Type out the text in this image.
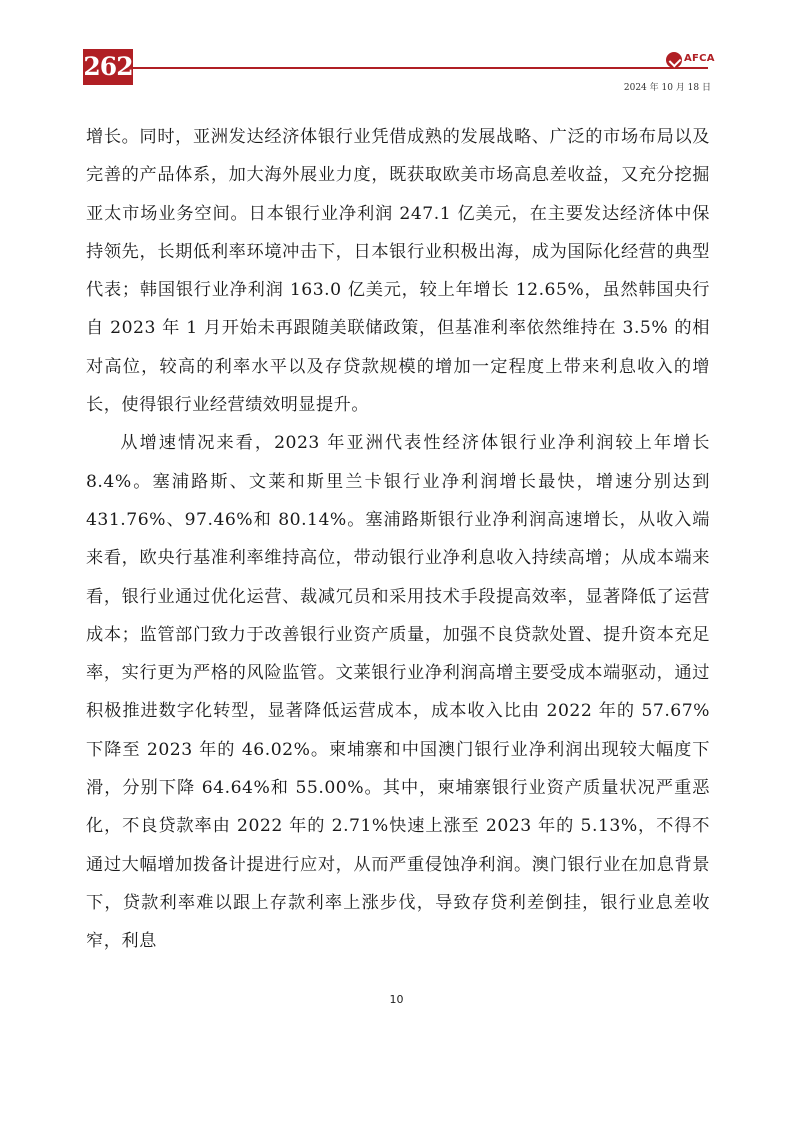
262	AFCA
2024 年 10 月 18 日

增长。同时，亚洲发达经济体银行业凭借成熟的发展战略、广泛的市场布局以及完善的产品体系，加大海外展业力度，既获取欧美市场高息差收益，又充分挖掘亚太市场业务空间。日本银行业净利润 247.1 亿美元，在主要发达经济体中保持领先，长期低利率环境冲击下，日本银行业积极出海，成为国际化经营的典型代表；韩国银行业净利润 163.0 亿美元，较上年增长 12.65%，虽然韩国央行自 2023 年 1 月开始未再跟随美联储政策，但基准利率依然维持在 3.5% 的相对高位，较高的利率水平以及存贷款规模的增加一定程度上带来利息收入的增长，使得银行业经营绩效明显提升。

从增速情况来看，2023 年亚洲代表性经济体银行业净利润较上年增长 8.4%。塞浦路斯、文莱和斯里兰卡银行业净利润增长最快，增速分别达到 431.76%、97.46%和 80.14%。塞浦路斯银行业净利润高速增长，从收入端来看，欧央行基准利率维持高位，带动银行业净利息收入持续高增；从成本端来看，银行业通过优化运营、裁减冗员和采用技术手段提高效率，显著降低了运营成本；监管部门致力于改善银行业资产质量，加强不良贷款处置、提升资本充足率，实行更为严格的风险监管。文莱银行业净利润高增主要受成本端驱动，通过积极推进数字化转型，显著降低运营成本，成本收入比由 2022 年的 57.67% 下降至 2023 年的 46.02%。柬埔寨和中国澳门银行业净利润出现较大幅度下滑，分别下降 64.64%和 55.00%。其中，柬埔寨银行业资产质量状况严重恶化，不良贷款率由 2022 年的 2.71%快速上涨至 2023 年的 5.13%，不得不通过大幅增加拨备计提进行应对，从而严重侵蚀净利润。澳门银行业在加息背景下，贷款利率难以跟上存款利率上涨步伐，导致存贷利差倒挂，银行业息差收窄，利息

10
